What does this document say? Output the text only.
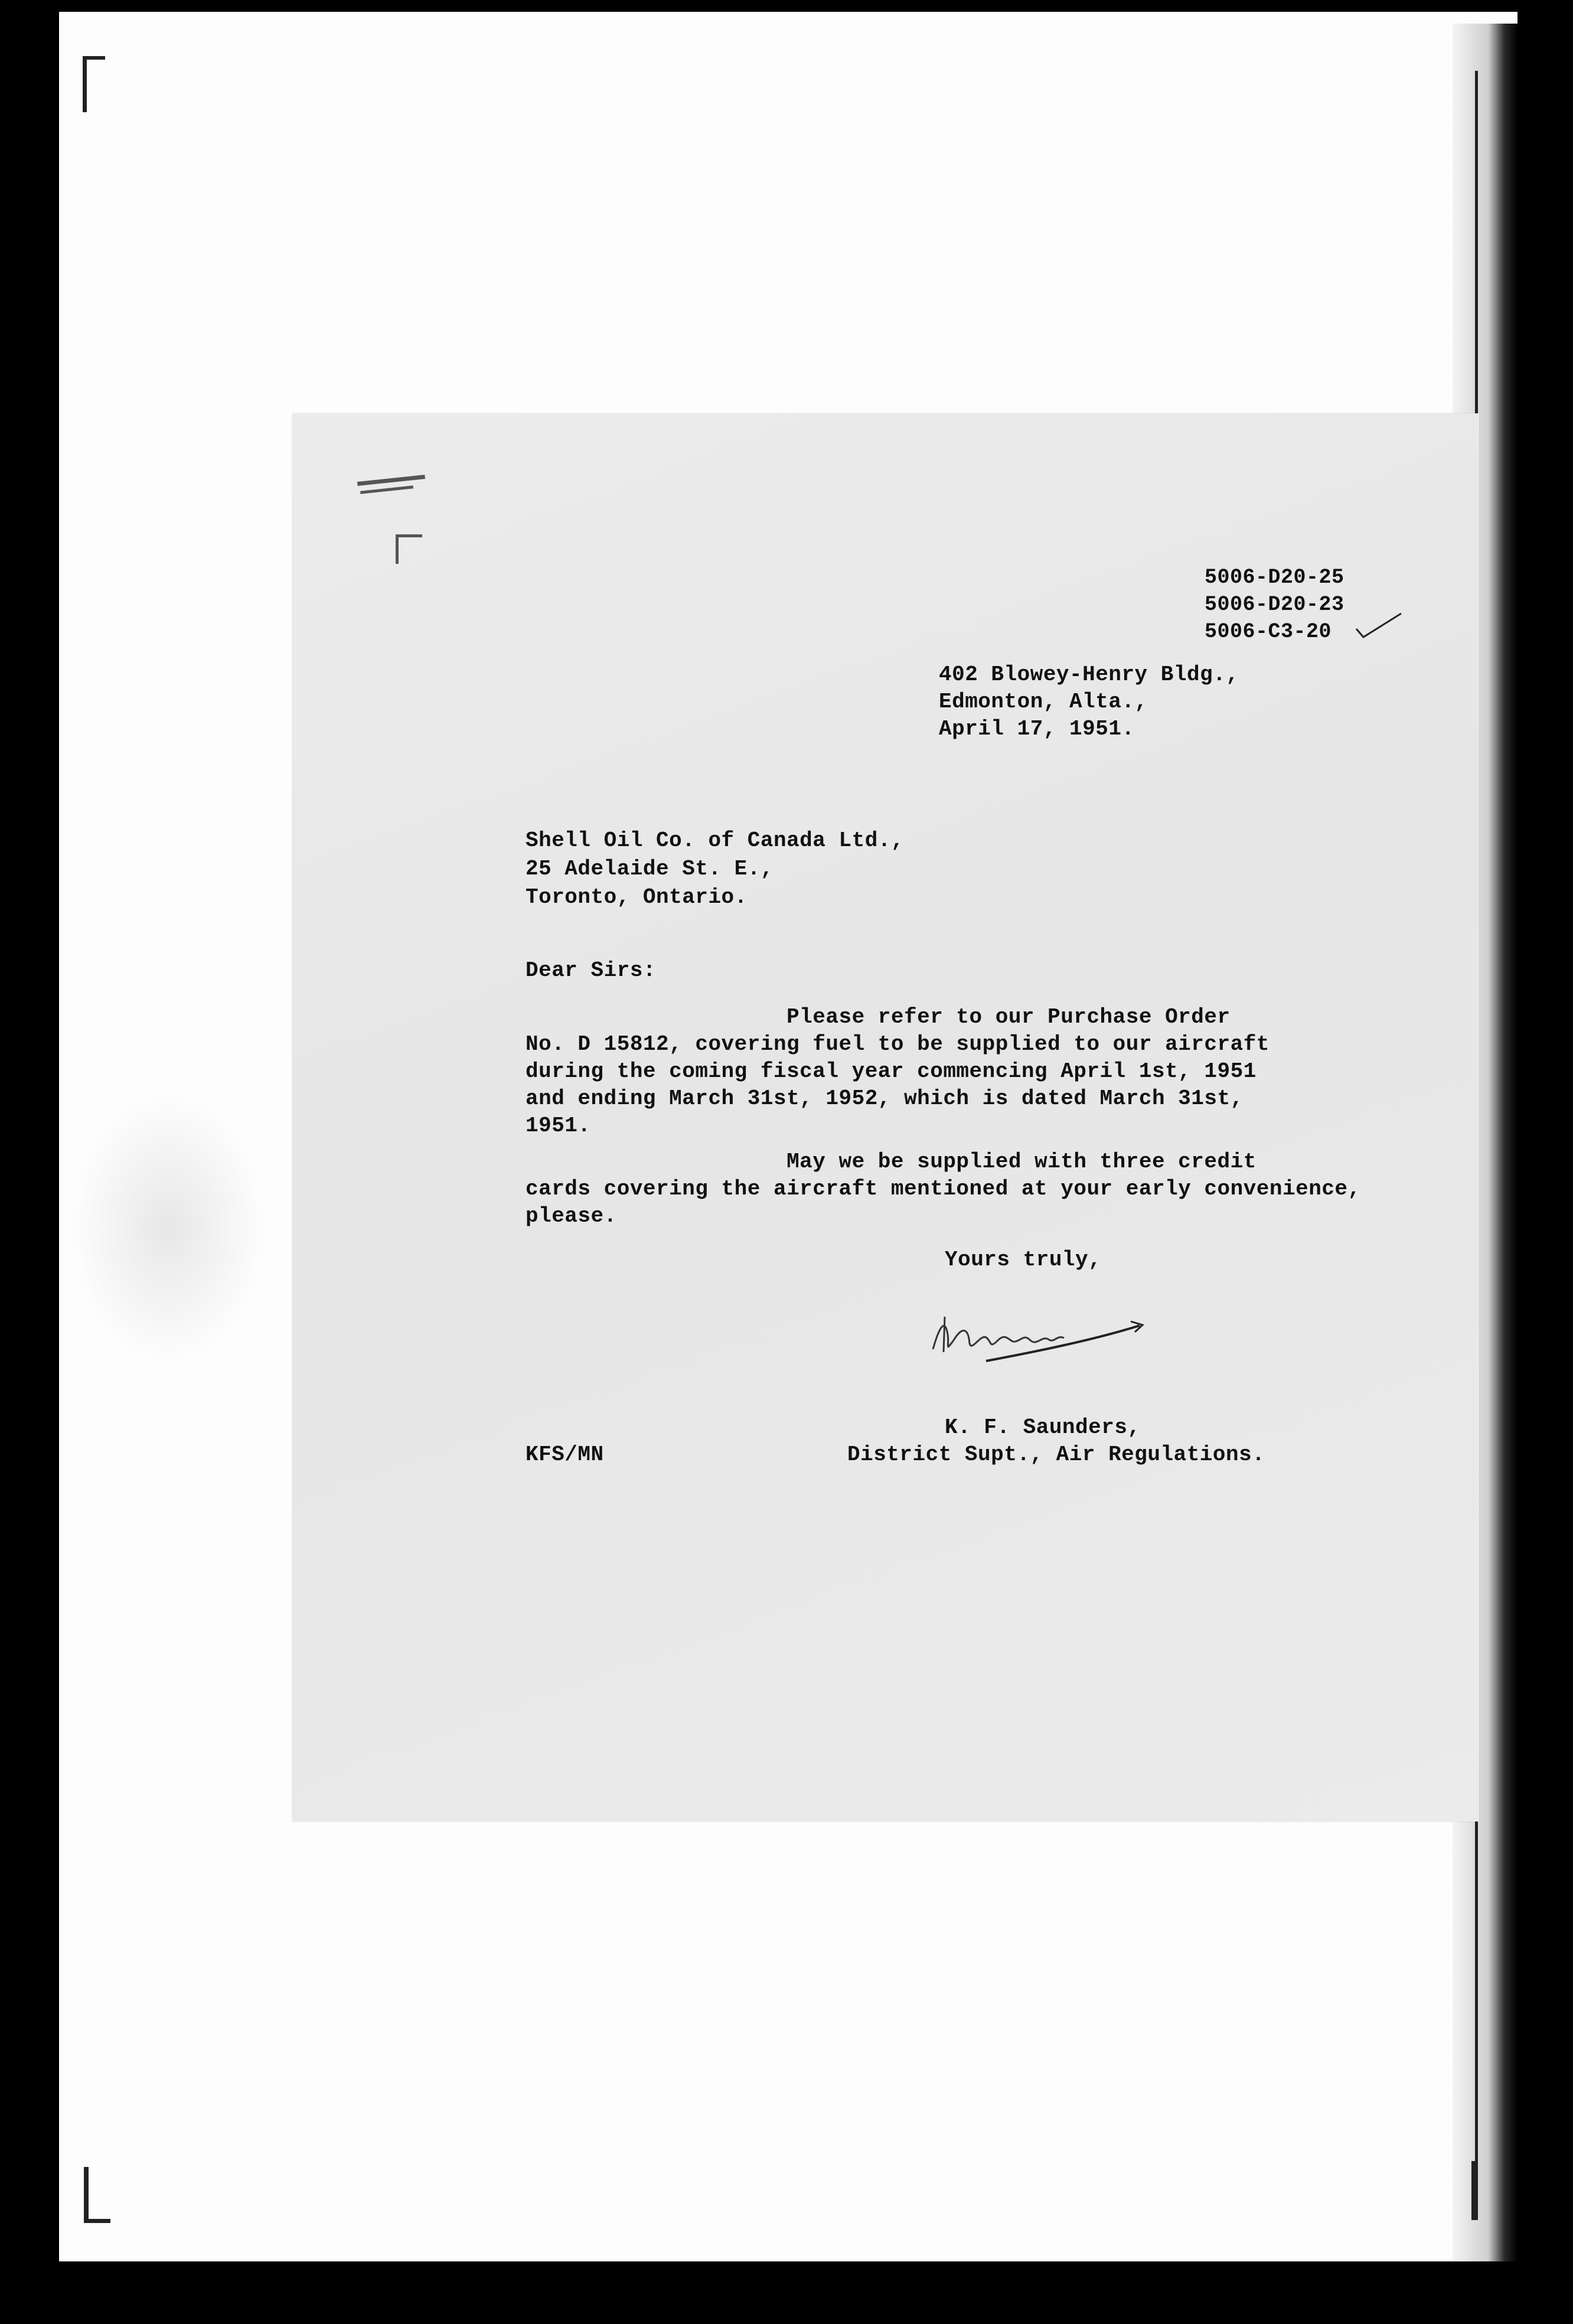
5006-D20-25
5006-D20-23
5006-C3-20

402 Blowey-Henry Bldg.,
Edmonton, Alta.,
April 17, 1951.

Shell Oil Co. of Canada Ltd.,
25 Adelaide St. E.,
Toronto, Ontario.

Dear Sirs:

Please refer to our Purchase Order
No. D 15812, covering fuel to be supplied to our aircraft
during the coming fiscal year commencing April 1st, 1951
and ending March 31st, 1952, which is dated March 31st,
1951.

May we be supplied with three credit
cards covering the aircraft mentioned at your early convenience,
please.

Yours truly,

K. F. Saunders,
District Supt., Air Regulations.

KFS/MN
